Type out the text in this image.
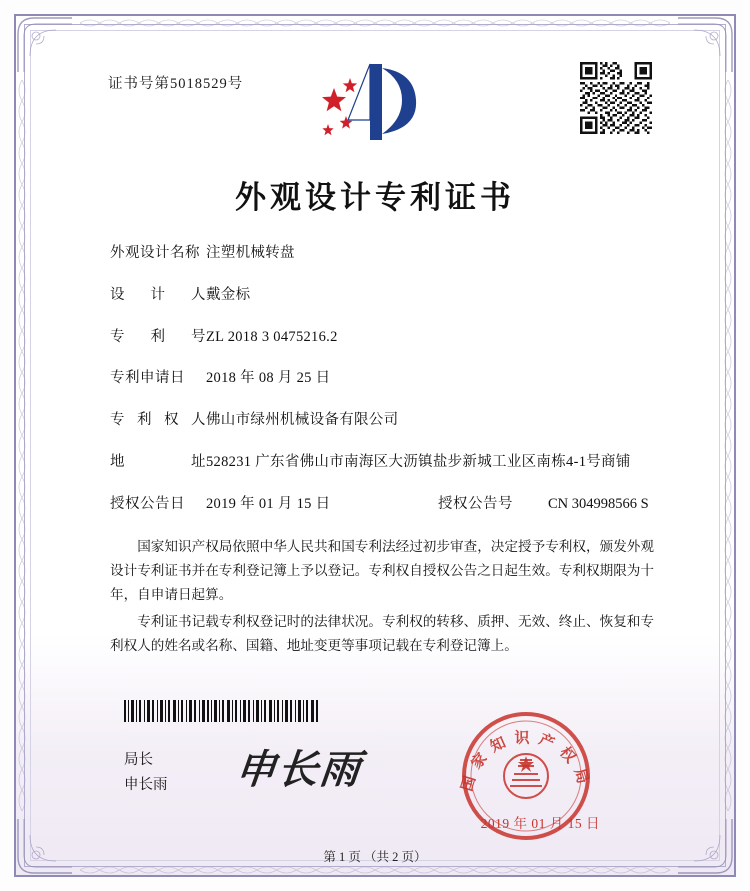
证书号第5018529号
外观设计专利证书
外观设计名称 注塑机械转盘
设 计 人 戴金标
专 利 号 ZL 2018 3 0475216.2
专利申请日	2018 年 08 月 25 日
专 利 权 人 佛山市绿州机械设备有限公司
地	址 528231 广东省佛山市南海区大沥镇盐步新城工业区南栋4-1号商铺
授权公告日	2019 年 01 月 15 日	授权公告号	CN 304998566 S

国家知识产权局依照中华人民共和国专利法经过初步审查，决定授予专利权，颁发外观设计专利证书并在专利登记簿上予以登记。专利权自授权公告之日起生效。专利权期限为十年，自申请日起算。

专利证书记载专利权登记时的法律状况。专利权的转移、质押、无效、终止、恢复和专利权人的姓名或名称、国籍、地址变更等事项记载在专利登记簿上。

局长
申长雨 申长雨	国家知识产权局
2019 年 01 月 15 日
第 1 页 （共 2 页）
